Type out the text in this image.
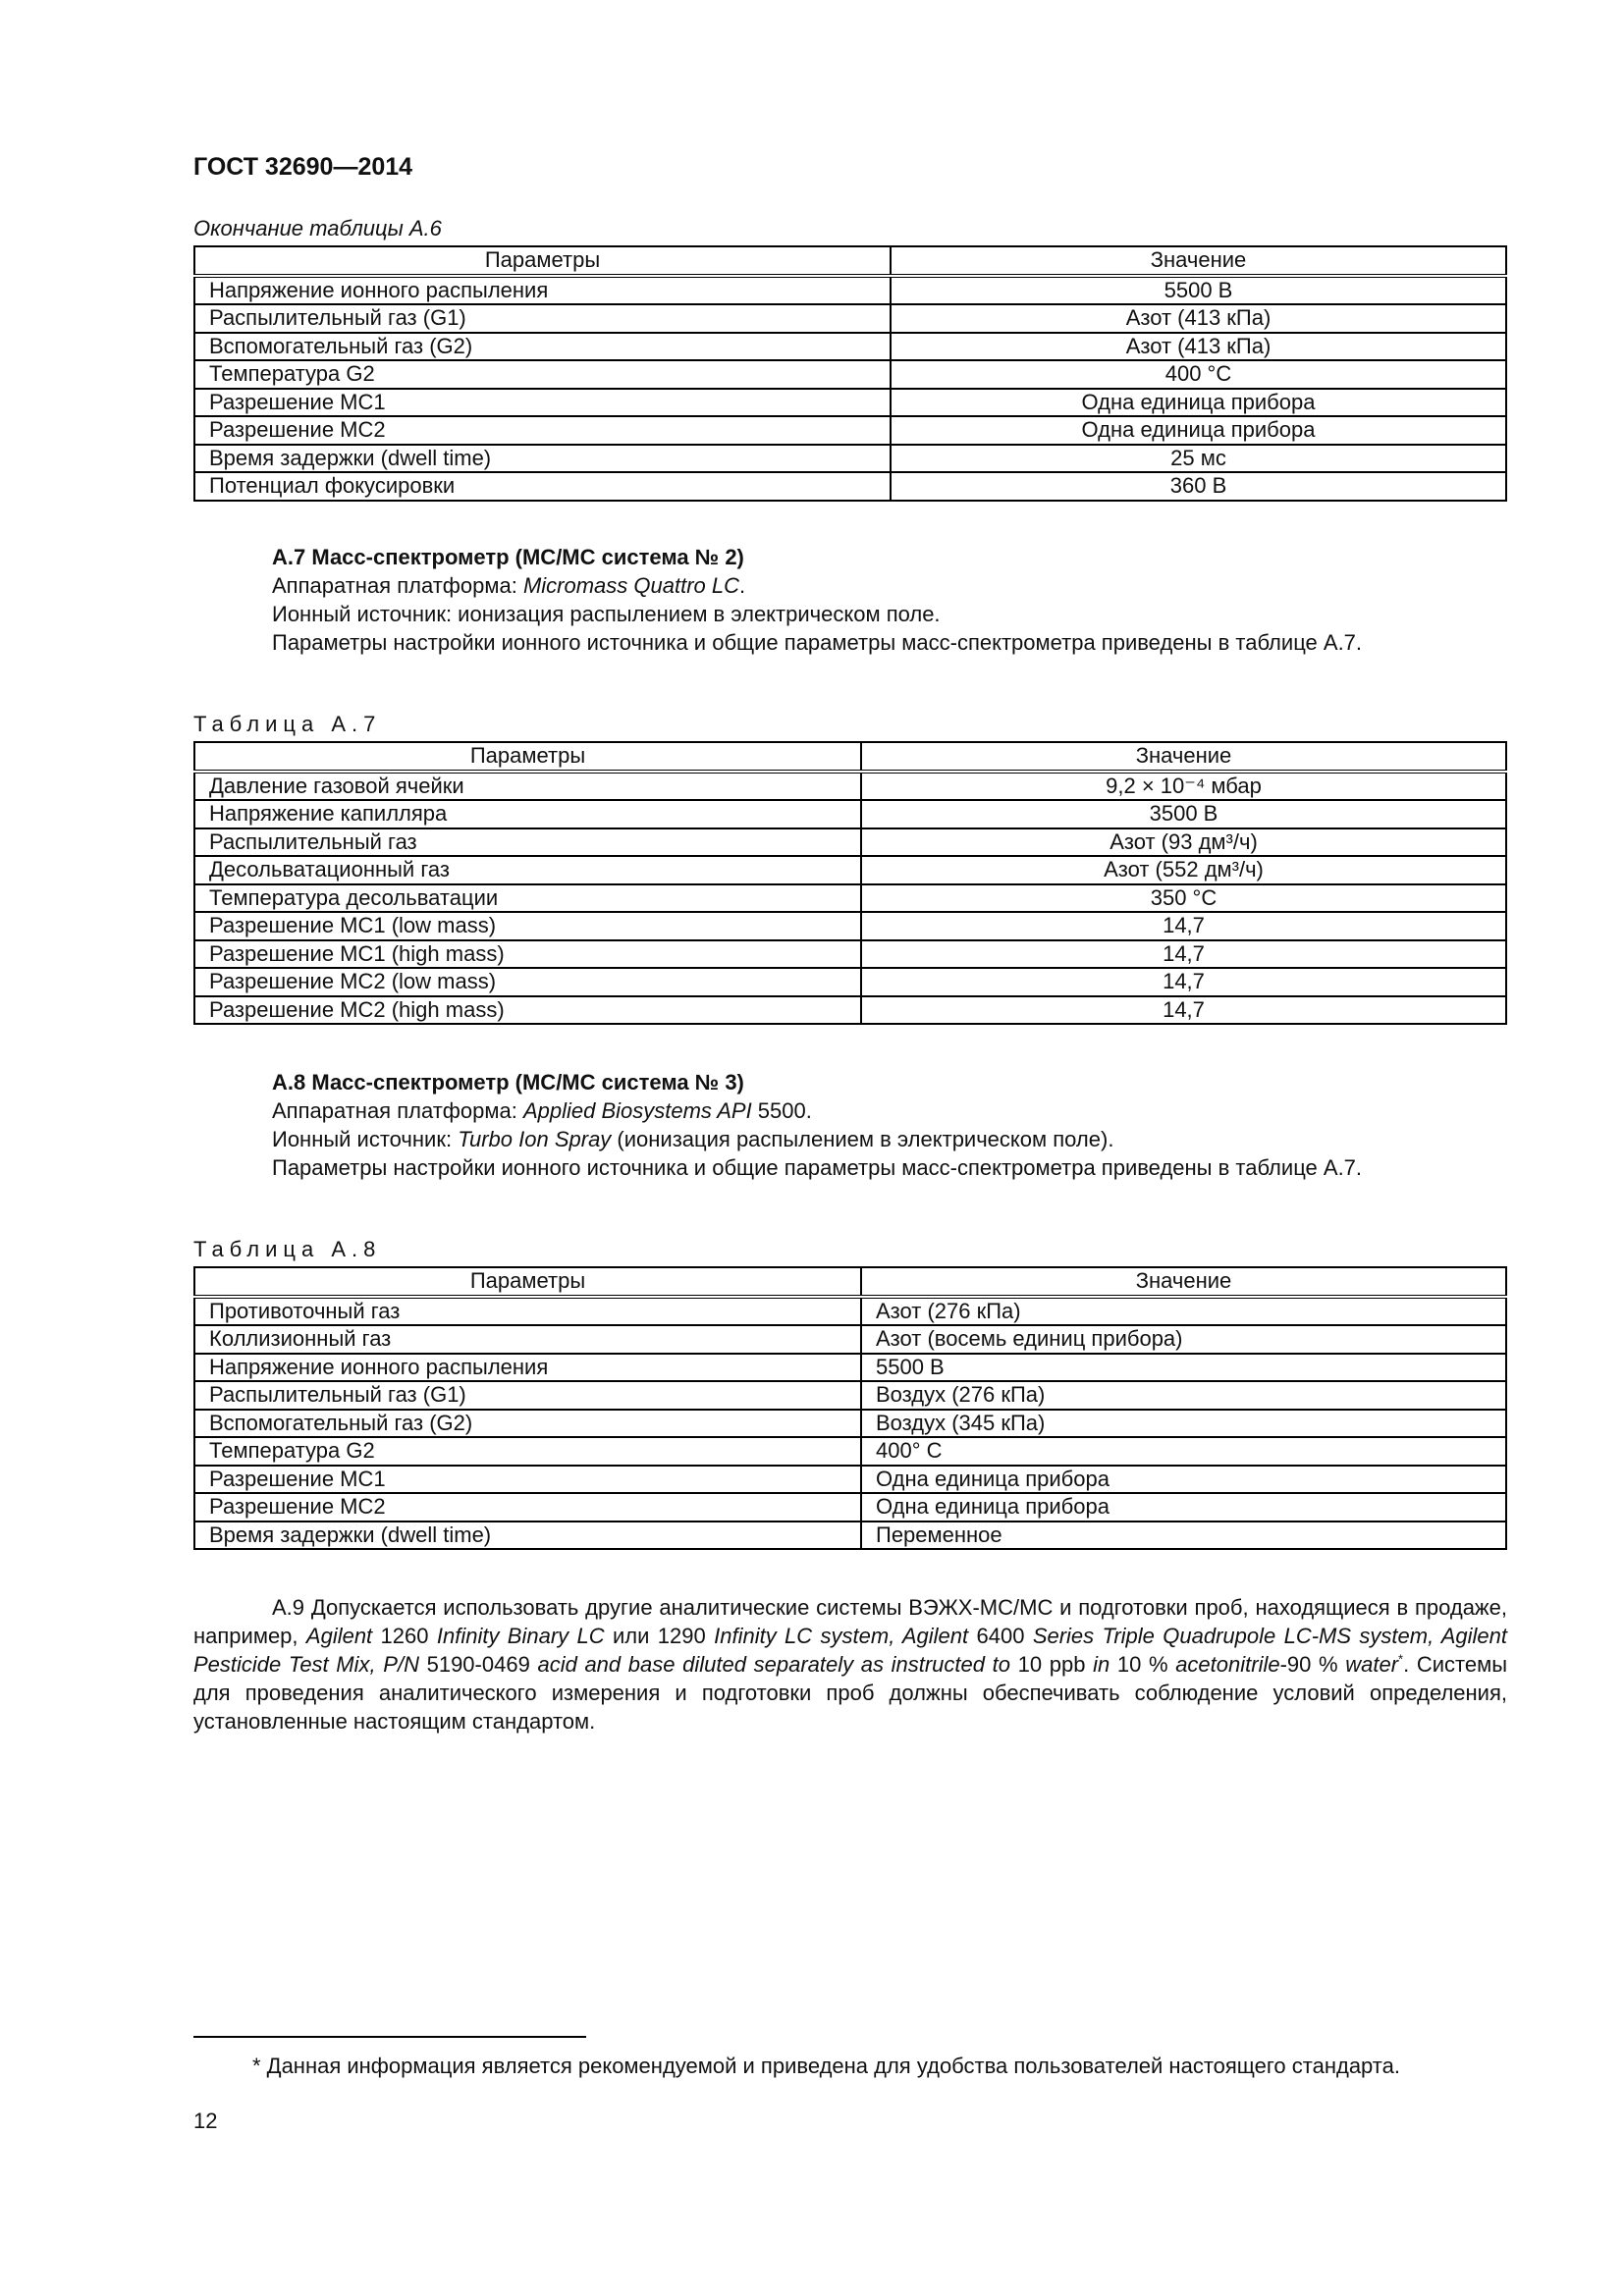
ГОСТ 32690—2014
Окончание таблицы А.6
Параметры	Значение
Напряжение ионного распыления	5500 В
Распылительный газ (G1)	Азот (413 кПа)
Вспомогательный газ (G2)	Азот (413 кПа)
Температура G2	400 °С
Разрешение МС1	Одна единица прибора
Разрешение МС2	Одна единица прибора
Время задержки (dwell time)	25 мс
Потенциал фокусировки	360 В

А.7 Масс-спектрометр (МС/МС система № 2)

Аппаратная платформа: Micromass Quattro LC.

Ионный источник: ионизация распылением в электрическом поле.

Параметры настройки ионного источника и общие параметры масс-спектрометра приведены в таблице А.7.

Таблица А.7
Параметры	Значение
Давление газовой ячейки	9,2 × 10⁻⁴ мбар
Напряжение капилляра	3500 В
Распылительный газ	Азот (93 дм³/ч)
Десольватационный газ	Азот (552 дм³/ч)
Температура десольватации	350 °С
Разрешение МС1 (low mass)	14,7
Разрешение МС1 (high mass)	14,7
Разрешение МС2 (low mass)	14,7
Разрешение МС2 (high mass)	14,7

А.8 Масс-спектрометр (МС/МС система № 3)

Аппаратная платформа: Applied Biosystems API 5500.

Ионный источник: Turbo Ion Spray (ионизация распылением в электрическом поле).

Параметры настройки ионного источника и общие параметры масс-спектрометра приведены в таблице А.7.

Таблица А.8
Параметры	Значение
Противоточный газ	Азот (276 кПа)
Коллизионный газ	Азот (восемь единиц прибора)
Напряжение ионного распыления	5500 В
Распылительный газ (G1)	Воздух (276 кПа)
Вспомогательный газ (G2)	Воздух (345 кПа)
Температура G2	400° С
Разрешение МС1	Одна единица прибора
Разрешение МС2	Одна единица прибора
Время задержки (dwell time)	Переменное

А.9 Допускается использовать другие аналитические системы ВЭЖХ-МС/МС и подготовки проб, находящиеся в продаже, например, Agilent 1260 Infinity Binary LC или 1290 Infinity LC system, Agilent 6400 Series Triple Quadrupole LC-MS system, Agilent Pesticide Test Mix, P/N 5190-0469 acid and base diluted separately as instructed to 10 ppb in 10 % acetonitrile-90 % water*. Системы для проведения аналитического измерения и подготовки проб должны обеспечивать соблюдение условий определения, установленные настоящим стандартом.

* Данная информация является рекомендуемой и приведена для удобства пользователей настоящего стандарта.

12
